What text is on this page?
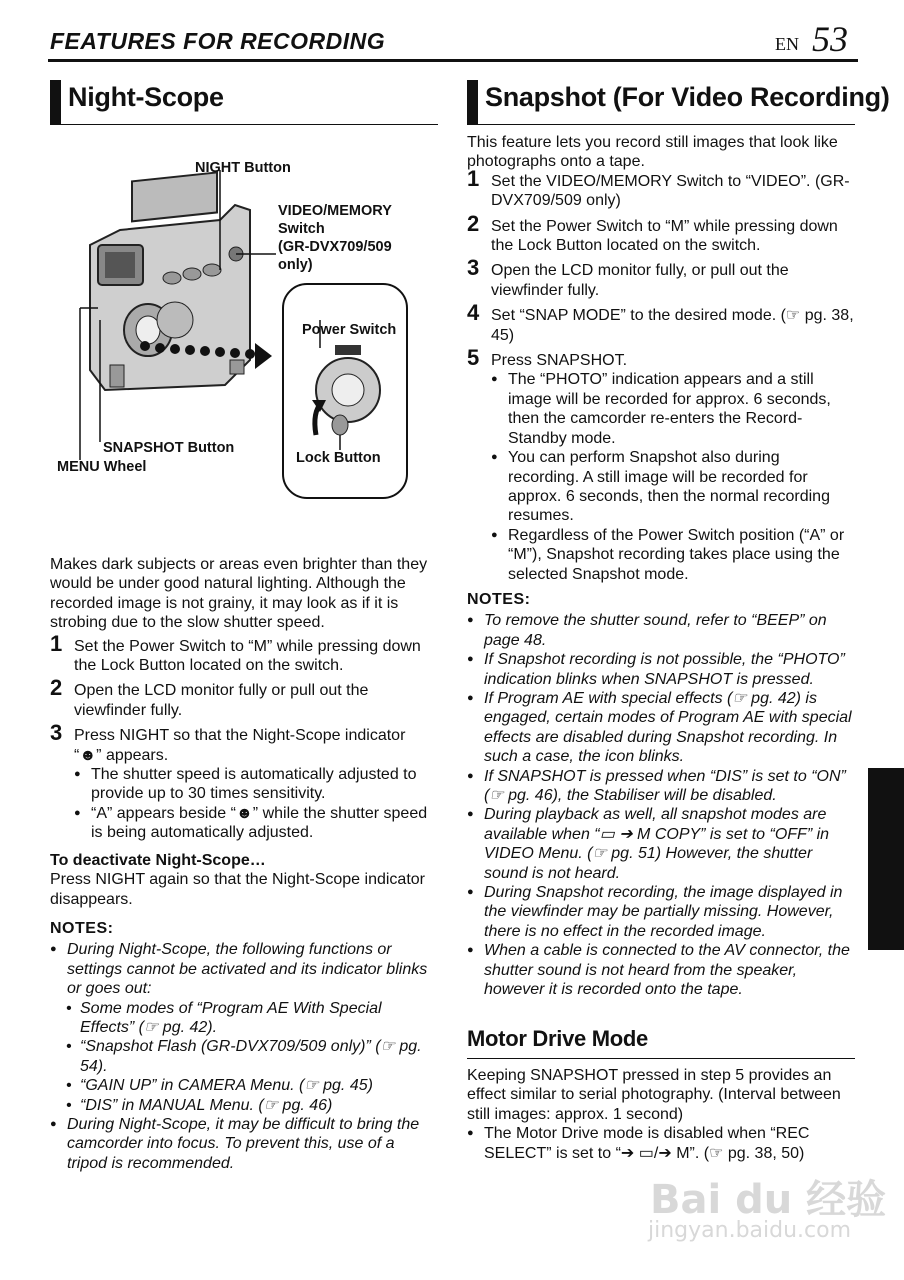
FEATURES FOR RECORDING	EN 53
Night-Scope
NIGHT Button
VIDEO/MEMORY
Switch
(GR-DVX709/509
only)
Power Switch
SNAPSHOT Button
MENU Wheel
Lock Button

Makes dark subjects or areas even brighter than they would be under good natural lighting. Although the recorded image is not grainy, it may look as if it is strobing due to the slow shutter speed.

1 Set the Power Switch to “M” while pressing down the Lock Button located on the switch.
2 Open the LCD monitor fully or pull out the viewfinder fully.
3 Press NIGHT so that the Night-Scope indicator “☻” appears.
● The shutter speed is automatically adjusted to provide up to 30 times sensitivity.
● “A” appears beside “☻” while the shutter speed is being automatically adjusted.
To deactivate Night-Scope…

Press NIGHT again so that the Night-Scope indicator disappears.

NOTES:
● During Night-Scope, the following functions or settings cannot be activated and its indicator blinks or goes out:
• Some modes of “Program AE With Special Effects” (☞ pg. 42).
• “Snapshot Flash (GR-DVX709/509 only)” (☞ pg. 54).
• “GAIN UP” in CAMERA Menu. (☞ pg. 45)
• “DIS” in MANUAL Menu. (☞ pg. 46)
● During Night-Scope, it may be difficult to bring the camcorder into focus. To prevent this, use of a tripod is recommended.
Snapshot (For Video Recording)

This feature lets you record still images that look like photographs onto a tape.

1 Set the VIDEO/MEMORY Switch to “VIDEO”. (GR-DVX709/509 only)
2 Set the Power Switch to “M” while pressing down the Lock Button located on the switch.
3 Open the LCD monitor fully, or pull out the viewfinder fully.
4 Set “SNAP MODE” to the desired mode. (☞ pg. 38, 45)
5 Press SNAPSHOT.
● The “PHOTO” indication appears and a still image will be recorded for approx. 6 seconds, then the camcorder re-enters the Record-Standby mode.
● You can perform Snapshot also during recording. A still image will be recorded for approx. 6 seconds, then the normal recording resumes.
● Regardless of the Power Switch position (“A” or “M”), Snapshot recording takes place using the selected Snapshot mode.
NOTES:
● To remove the shutter sound, refer to “BEEP” on page 48.
● If Snapshot recording is not possible, the “PHOTO” indication blinks when SNAPSHOT is pressed.
● If Program AE with special effects (☞ pg. 42) is engaged, certain modes of Program AE with special effects are disabled during Snapshot recording. In such a case, the icon blinks.
● If SNAPSHOT is pressed when “DIS” is set to “ON” (☞ pg. 46), the Stabiliser will be disabled.
● During playback as well, all snapshot modes are available when “▭ ➔ M COPY” is set to “OFF” in VIDEO Menu. (☞ pg. 51) However, the shutter sound is not heard.
● During Snapshot recording, the image displayed in the viewfinder may be partially missing. However, there is no effect in the recorded image.
● When a cable is connected to the AV connector, the shutter sound is not heard from the speaker, however it is recorded onto the tape.
Motor Drive Mode

Keeping SNAPSHOT pressed in step 5 provides an effect similar to serial photography. (Interval between still images: approx. 1 second)

● The Motor Drive mode is disabled when “REC SELECT” is set to “➔ ▭/➔ M”. (☞ pg. 38, 50)
Bai du 经验
jingyan.baidu.com
